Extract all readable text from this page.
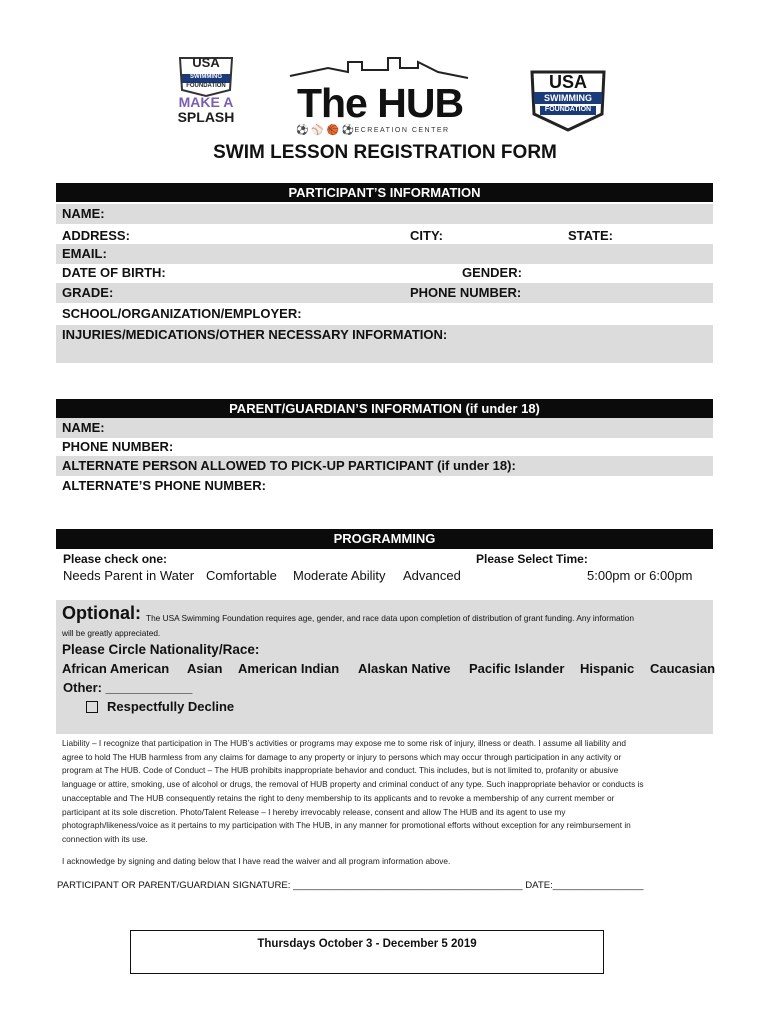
USA
SWIMMING
FOUNDATION
MAKE A
SPLASH The HUB
RECREATION CENTER
⚽ ⚾ 🏀 ⚽
USA
SWIMMING
FOUNDATION
SWIM LESSON REGISTRATION FORM
PARTICIPANT’S INFORMATION
NAME:
ADDRESS:	CITY:	STATE:
EMAIL:
DATE OF BIRTH:	GENDER:
GRADE:	PHONE NUMBER:
SCHOOL/ORGANIZATION/EMPLOYER:
INJURIES/MEDICATIONS/OTHER NECESSARY INFORMATION:
PARENT/GUARDIAN’S INFORMATION (if under 18)
NAME:
PHONE NUMBER:
ALTERNATE PERSON ALLOWED TO PICK-UP PARTICIPANT (if under 18):
ALTERNATE’S PHONE NUMBER:
PROGRAMMING
Please check one:	Please Select Time:
Needs Parent in Water Comfortable Moderate Ability Advanced	5:00pm or 6:00pm
Optional: The USA Swimming Foundation requires age, gender, and race data upon completion of distribution of grant funding. Any information
will be greatly appreciated.
Please Circle Nationality/Race:
African American Asian American Indian Alaskan Native Pacific Islander Hispanic Caucasian
Other: ____________
Respectfully Decline
Liability – I recognize that participation in The HUB’s activities or programs may expose me to some risk of injury, illness or death. I assume all liability and
agree to hold The HUB harmless from any claims for damage to any property or injury to persons which may occur through participation in any activity or
program at The HUB. Code of Conduct – The HUB prohibits inappropriate behavior and conduct. This includes, but is not limited to, profanity or abusive
language or attire, smoking, use of alcohol or drugs, the removal of HUB property and criminal conduct of any type. Such inappropriate behavior or conducts is
unacceptable and The HUB consequently retains the right to deny membership to its applicants and to revoke a membership of any current member or
participant at its sole discretion. Photo/Talent Release – I hereby irrevocably release, consent and allow The HUB and its agent to use my
photograph/likeness/voice as it pertains to my participation with The HUB, in any manner for promotional efforts without exception for any reimbursement in
connection with its use.
I acknowledge by signing and dating below that I have read the waiver and all program information above.
PARTICIPANT OR PARENT/GUARDIAN SIGNATURE: ___________________________________________ DATE:_________________
Thursdays October 3 - December 5 2019
